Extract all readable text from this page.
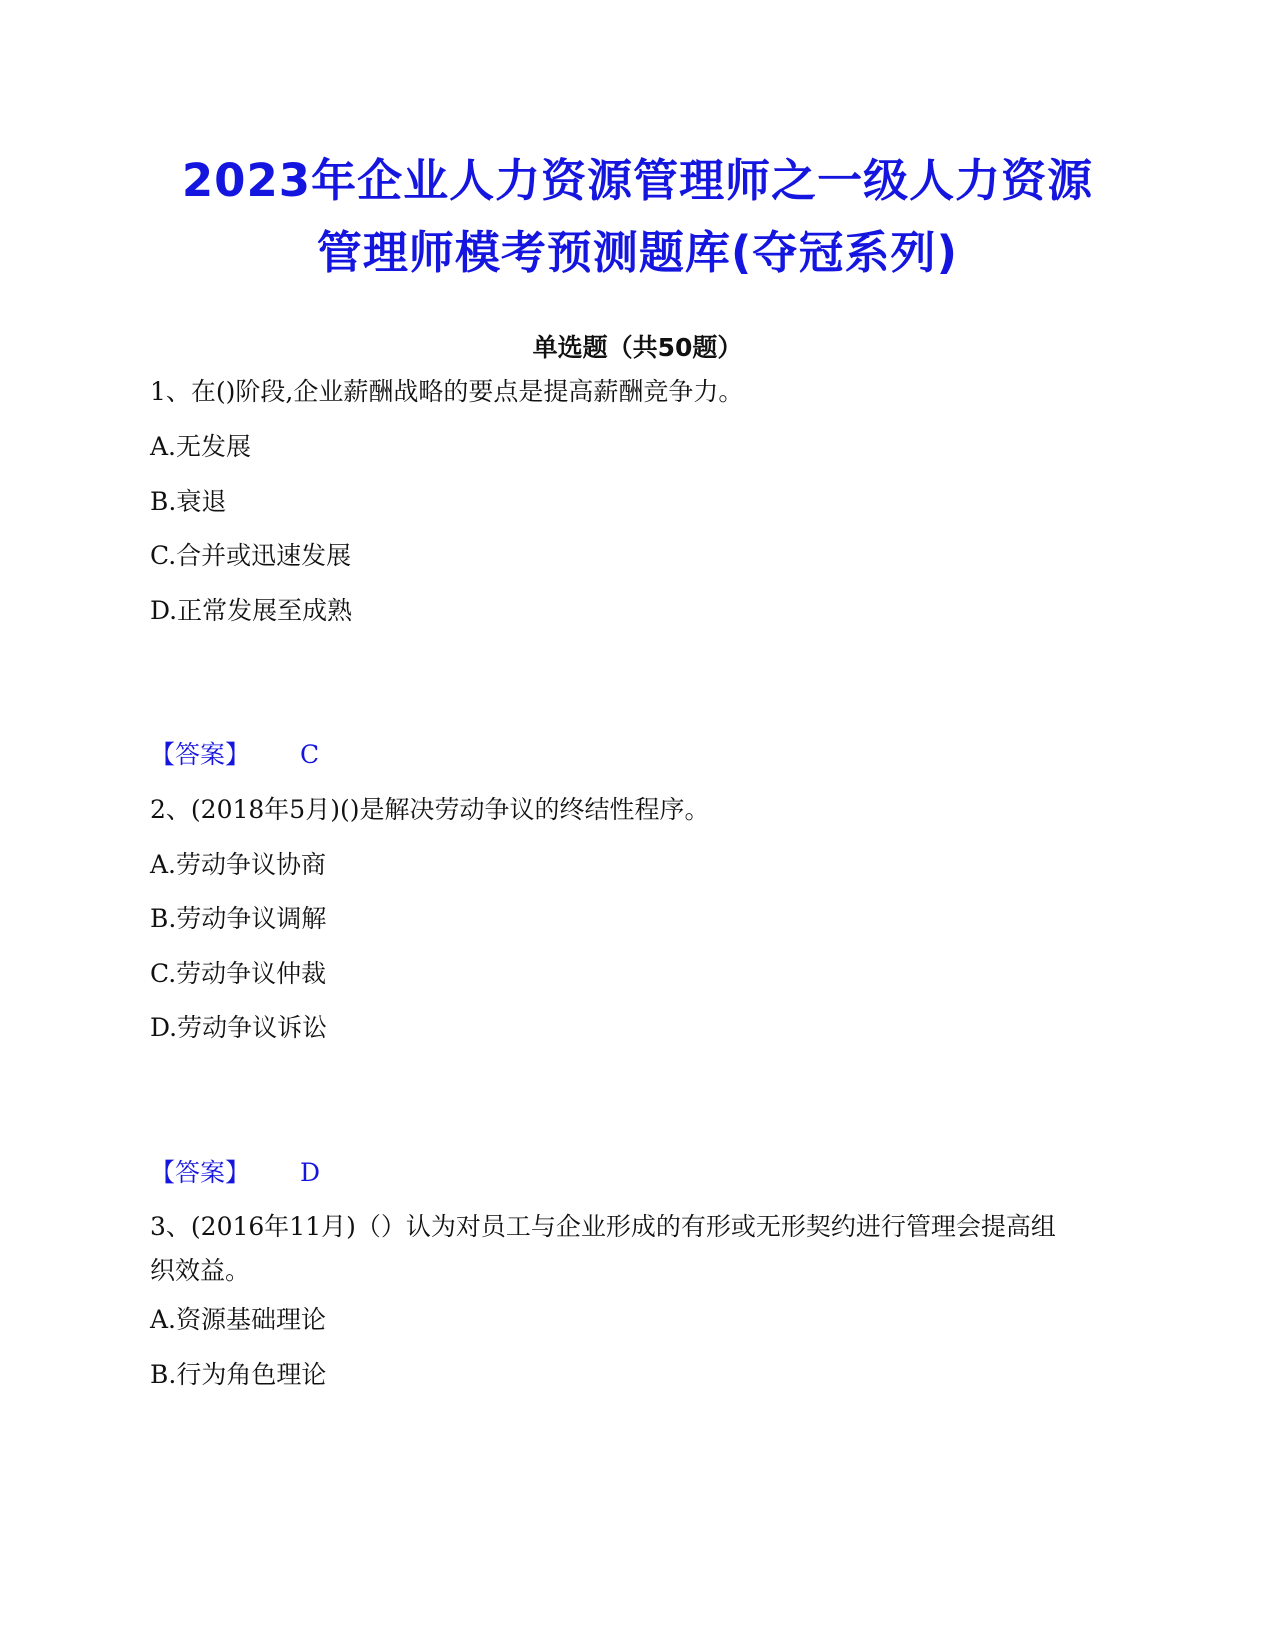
2023年企业人力资源管理师之一级人力资源
管理师模考预测题库(夺冠系列)
单选题（共50题）
1、在()阶段,企业薪酬战略的要点是提高薪酬竞争力。
A.无发展
B.衰退
C.合并或迅速发展
D.正常发展至成熟
【答案】 C
2、(2018年5月)()是解决劳动争议的终结性程序。
A.劳动争议协商
B.劳动争议调解
C.劳动争议仲裁
D.劳动争议诉讼
【答案】 D
3、(2016年11月)（）认为对员工与企业形成的有形或无形契约进行管理会提高组织效益。
A.资源基础理论
B.行为角色理论
